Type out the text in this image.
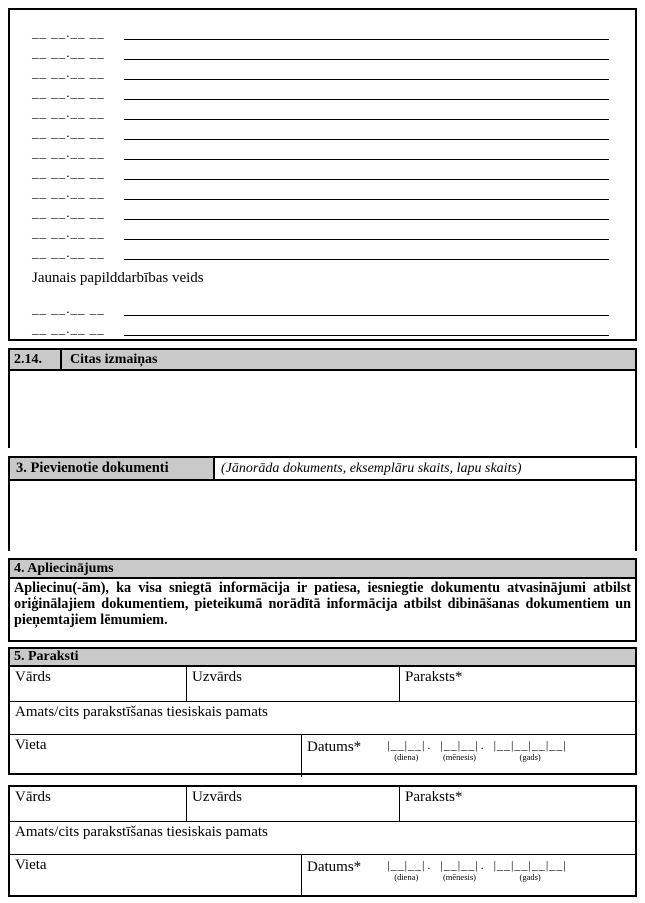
__ __.__ __
__ __.__ __
__ __.__ __
__ __.__ __
__ __.__ __
__ __.__ __
__ __.__ __
__ __.__ __
__ __.__ __
__ __.__ __
__ __.__ __
__ __.__ __
Jaunais papilddarbības veids
__ __.__ __
__ __.__ __
2.14.	Citas izmaiņas
3. Pievienotie dokumenti	(Jānorāda dokuments, eksemplāru skaits, lapu skaits)
4. Apliecinājums
Apliecinu(-ām), ka visa sniegtā informācija ir patiesa, iesniegtie dokumentu atvasinājumi atbilst oriģinālajiem dokumentiem, pieteikumā norādītā informācija atbilst dibināšanas dokumentiem un pieņemtajiem lēmumiem.
5. Paraksti
Vārds	Uzvārds	Paraksts*
Amats/cits parakstīšanas tiesiskais pamats
Vieta	Datums* |__|__|
(diena)
. |__|__|
(mēnesis)
. |__|__|__|__|
(gads)
Vārds	Uzvārds	Paraksts*
Amats/cits parakstīšanas tiesiskais pamats
Vieta	Datums* |__|__|
(diena)
. |__|__|
(mēnesis)
. |__|__|__|__|
(gads)
